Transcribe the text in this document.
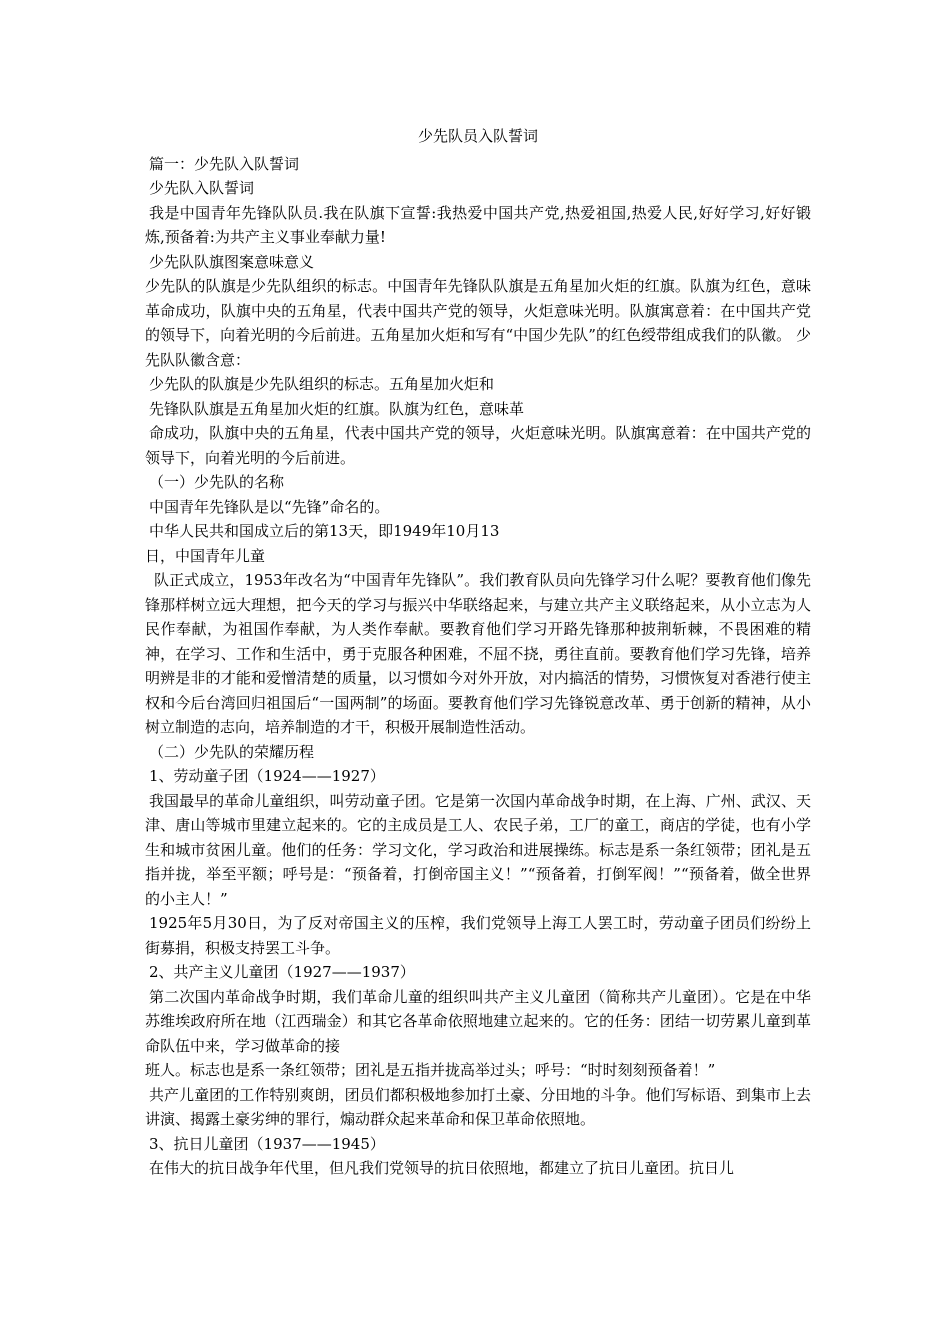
少先队员入队誓词

篇一：少先队入队誓词

少先队入队誓词

我是中国青年先锋队队员.我在队旗下宣誓:我热爱中国共产党,热爱祖国,热爱人民,好好学习,好好锻炼,预备着:为共产主义事业奉献力量!

少先队队旗图案意味意义

少先队的队旗是少先队组织的标志。中国青年先锋队队旗是五角星加火炬的红旗。队旗为红色，意味革命成功，队旗中央的五角星，代表中国共产党的领导，火炬意味光明。队旗寓意着：在中国共产党的领导下，向着光明的今后前进。五角星加火炬和写有“中国少先队”的红色绶带组成我们的队徽。 少先队队徽含意：

少先队的队旗是少先队组织的标志。五角星加火炬和

先锋队队旗是五角星加火炬的红旗。队旗为红色，意味革

命成功，队旗中央的五角星，代表中国共产党的领导，火炬意味光明。队旗寓意着：在中国共产党的领导下，向着光明的今后前进。

（一）少先队的名称

中国青年先锋队是以“先锋”命名的。

中华人民共和国成立后的第13天，即1949年10月13

日，中国青年儿童

队正式成立，1953年改名为“中国青年先锋队”。我们教育队员向先锋学习什么呢？要教育他们像先锋那样树立远大理想，把今天的学习与振兴中华联络起来，与建立共产主义联络起来，从小立志为人民作奉献，为祖国作奉献，为人类作奉献。要教育他们学习开路先锋那种披荆斩棘，不畏困难的精神，在学习、工作和生活中，勇于克服各种困难，不屈不挠，勇往直前。要教育他们学习先锋，培养明辨是非的才能和爱憎清楚的质量，以习惯如今对外开放，对内搞活的情势，习惯恢复对香港行使主权和今后台湾回归祖国后“一国两制”的场面。要教育他们学习先锋锐意改革、勇于创新的精神，从小树立制造的志向，培养制造的才干，积极开展制造性活动。

（二）少先队的荣耀历程

1、劳动童子团（1924——1927）

我国最早的革命儿童组织，叫劳动童子团。它是第一次国内革命战争时期，在上海、广州、武汉、天津、唐山等城市里建立起来的。它的主成员是工人、农民子弟，工厂的童工，商店的学徒，也有小学生和城市贫困儿童。他们的任务：学习文化，学习政治和进展操练。标志是系一条红领带；团礼是五指并拢，举至平额；呼号是：“预备着，打倒帝国主义！”“预备着，打倒军阀！”“预备着，做全世界的小主人！”

1925年5月30日，为了反对帝国主义的压榨，我们党领导上海工人罢工时，劳动童子团员们纷纷上街募捐，积极支持罢工斗争。

2、共产主义儿童团（1927——1937）

第二次国内革命战争时期，我们革命儿童的组织叫共产主义儿童团（简称共产儿童团）。它是在中华苏维埃政府所在地（江西瑞金）和其它各革命依照地建立起来的。它的任务：团结一切劳累儿童到革命队伍中来，学习做革命的接

班人。标志也是系一条红领带；团礼是五指并拢高举过头；呼号：“时时刻刻预备着！”

共产儿童团的工作特别爽朗，团员们都积极地参加打土豪、分田地的斗争。他们写标语、到集市上去讲演、揭露土豪劣绅的罪行，煽动群众起来革命和保卫革命依照地。

3、抗日儿童团（1937——1945）

在伟大的抗日战争年代里，但凡我们党领导的抗日依照地，都建立了抗日儿童团。抗日儿
